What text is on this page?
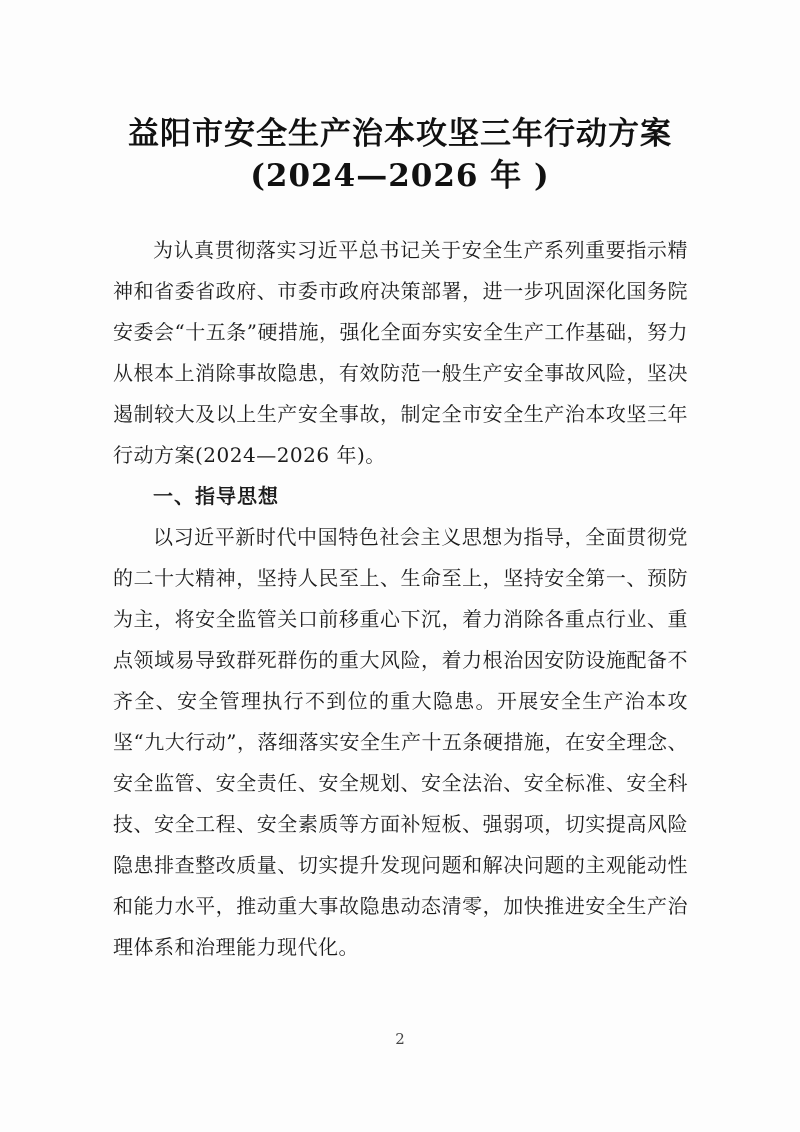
益阳市安全生产治本攻坚三年行动方案
(2024—2026 年 )

为认真贯彻落实习近平总书记关于安全生产系列重要指示精神和省委省政府、市委市政府决策部署，进一步巩固深化国务院安委会“十五条”硬措施，强化全面夯实安全生产工作基础，努力从根本上消除事故隐患，有效防范一般生产安全事故风险，坚决遏制较大及以上生产安全事故，制定全市安全生产治本攻坚三年行动方案(2024—2026 年)。

一、指导思想

以习近平新时代中国特色社会主义思想为指导，全面贯彻党的二十大精神，坚持人民至上、生命至上，坚持安全第一、预防为主，将安全监管关口前移重心下沉，着力消除各重点行业、重点领域易导致群死群伤的重大风险，着力根治因安防设施配备不齐全、安全管理执行不到位的重大隐患。开展安全生产治本攻坚“九大行动”，落细落实安全生产十五条硬措施，在安全理念、安全监管、安全责任、安全规划、安全法治、安全标准、安全科技、安全工程、安全素质等方面补短板、强弱项，切实提高风险隐患排查整改质量、切实提升发现问题和解决问题的主观能动性和能力水平，推动重大事故隐患动态清零，加快推进安全生产治理体系和治理能力现代化。

2
